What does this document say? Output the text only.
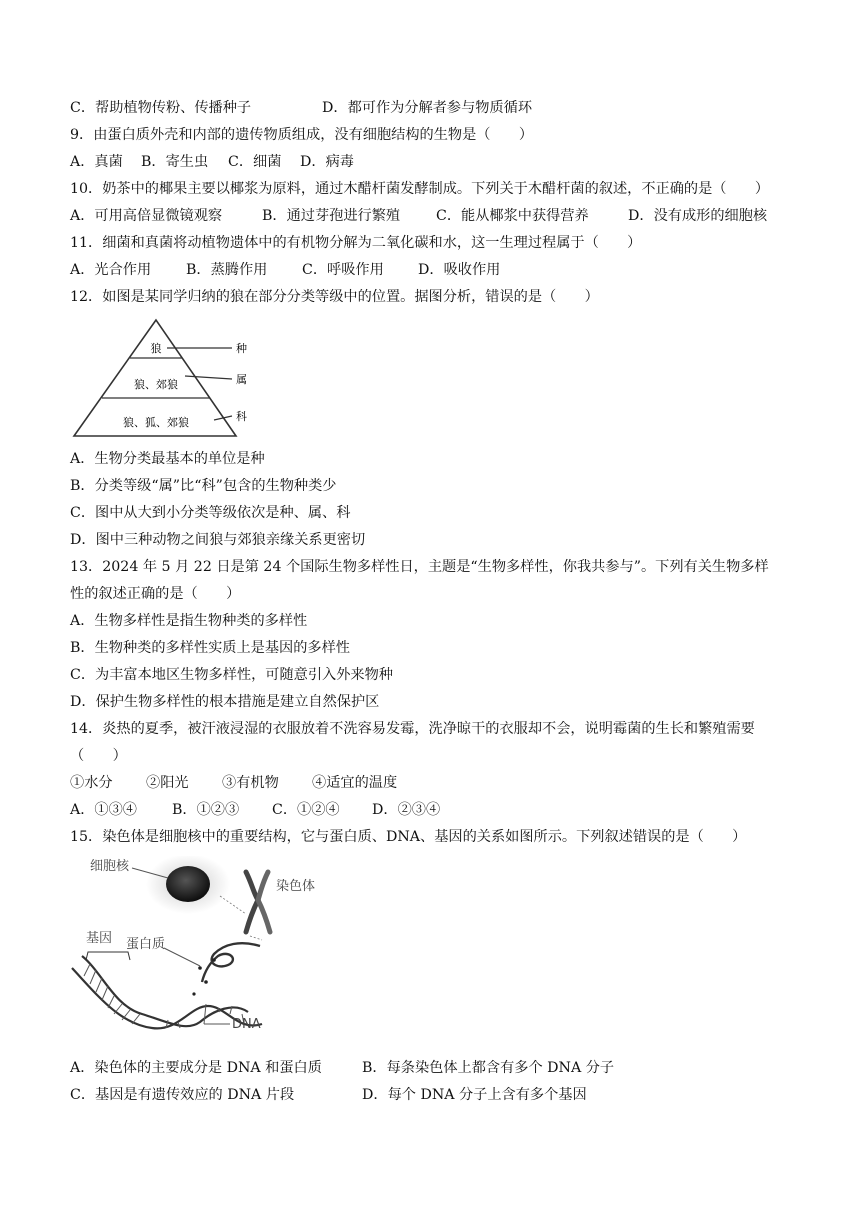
C．帮助植物传粉、传播种子	D．都可作为分解者参与物质循环
9．由蛋白质外壳和内部的遗传物质组成，没有细胞结构的生物是（　　）
A．真菌 B．寄生虫 C．细菌 D．病毒
10．奶茶中的椰果主要以椰浆为原料，通过木醋杆菌发酵制成。下列关于木醋杆菌的叙述，不正确的是（　　）
A．可用高倍显微镜观察	B．通过芽孢进行繁殖	C．能从椰浆中获得营养	D．没有成形的细胞核
11．细菌和真菌将动植物遗体中的有机物分解为二氧化碳和水，这一生理过程属于（　　）
A．光合作用 B．蒸腾作用 C．呼吸作用 D．吸收作用
12．如图是某同学归纳的狼在部分分类等级中的位置。据图分析，错误的是（　　）
狼
狼、郊狼
狼、狐、郊狼
种
属
科
A．生物分类最基本的单位是种
B．分类等级“属”比“科”包含的生物种类少
C．图中从大到小分类等级依次是种、属、科
D．图中三种动物之间狼与郊狼亲缘关系更密切
13．2024 年 5 月 22 日是第 24 个国际生物多样性日，主题是“生物多样性，你我共参与”。下列有关生物多样
性的叙述正确的是（　　）
A．生物多样性是指生物种类的多样性
B．生物种类的多样性实质上是基因的多样性
C．为丰富本地区生物多样性，可随意引入外来物种
D．保护生物多样性的根本措施是建立自然保护区
14．炎热的夏季，被汗液浸湿的衣服放着不洗容易发霉，洗净晾干的衣服却不会，说明霉菌的生长和繁殖需要
（　　）
①水分 ②阳光 ③有机物 ④适宜的温度
A．①③④ B．①②③ C．①②④ D．②③④
15．染色体是细胞核中的重要结构，它与蛋白质、DNA、基因的关系如图所示。下列叙述错误的是（　　）
细胞核
染色体
蛋白质
基因
DNA
A．染色体的主要成分是 DNA 和蛋白质	B．每条染色体上都含有多个 DNA 分子
C．基因是有遗传效应的 DNA 片段	D．每个 DNA 分子上含有多个基因
